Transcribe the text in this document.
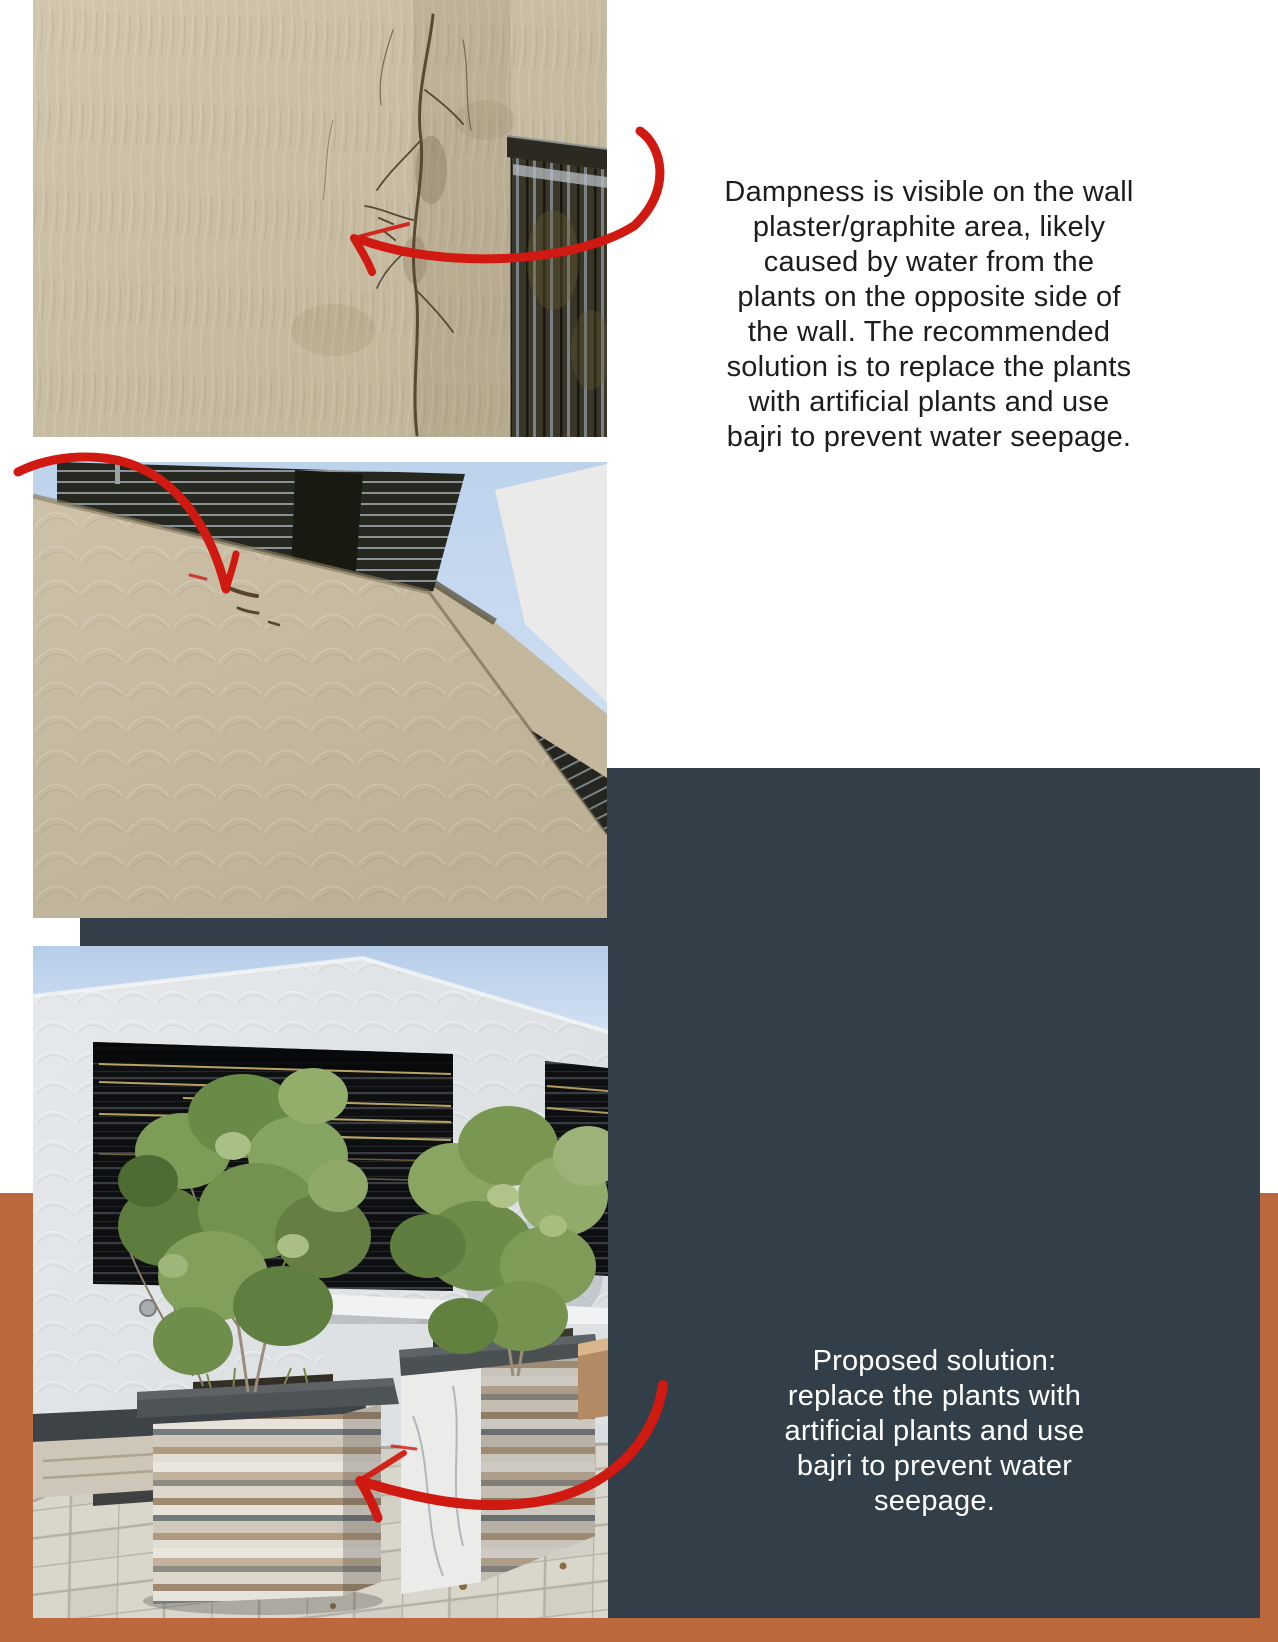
Dampness is visible on the wall
plaster/graphite area, likely
caused by water from the
plants on the opposite side of
the wall. The recommended
solution is to replace the plants
with artificial plants and use
bajri to prevent water seepage.
Proposed solution:
replace the plants with
artificial plants and use
bajri to prevent water
seepage.
